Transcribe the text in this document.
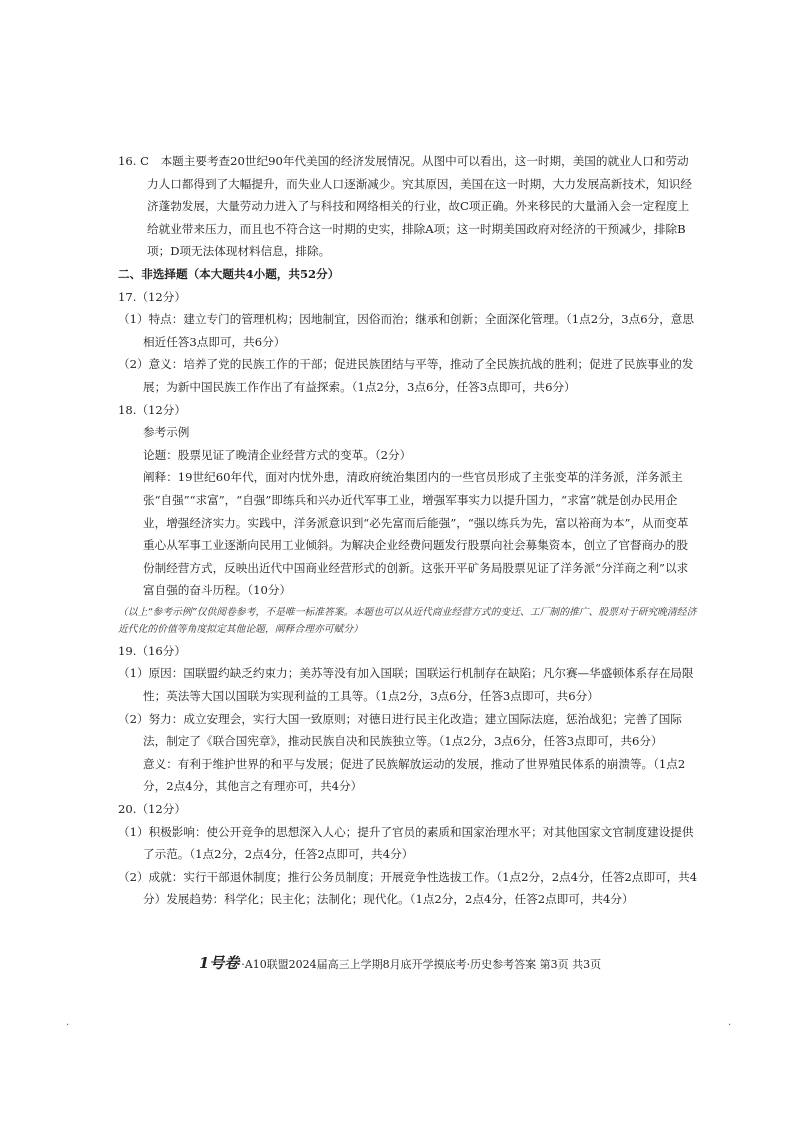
16. C　本题主要考查20世纪90年代美国的经济发展情况。从图中可以看出，这一时期，美国的就业人口和劳动力人口都得到了大幅提升，而失业人口逐渐减少。究其原因，美国在这一时期，大力发展高新技术，知识经济蓬勃发展，大量劳动力进入了与科技和网络相关的行业，故C项正确。外来移民的大量涌入会一定程度上给就业带来压力，而且也不符合这一时期的史实，排除A项；这一时期美国政府对经济的干预减少，排除B项；D项无法体现材料信息，排除。

二、非选择题（本大题共4小题，共52分）

17.（12分）

（1）特点：建立专门的管理机构；因地制宜，因俗而治；继承和创新；全面深化管理。（1点2分，3点6分，意思相近任答3点即可，共6分）

（2）意义：培养了党的民族工作的干部；促进民族团结与平等，推动了全民族抗战的胜利；促进了民族事业的发展；为新中国民族工作作出了有益探索。（1点2分，3点6分，任答3点即可，共6分）

18.（12分）

参考示例

论题：股票见证了晚清企业经营方式的变革。（2分）

阐释：19世纪60年代，面对内忧外患，清政府统治集团内的一些官员形成了主张变革的洋务派，洋务派主张“自强”“求富”，“自强”即练兵和兴办近代军事工业，增强军事实力以提升国力，“求富”就是创办民用企业，增强经济实力。实践中，洋务派意识到“必先富而后能强”，“强以练兵为先，富以裕商为本”，从而变革重心从军事工业逐渐向民用工业倾斜。为解决企业经费问题发行股票向社会募集资本，创立了官督商办的股份制经营方式，反映出近代中国商业经营形式的创新。这张开平矿务局股票见证了洋务派“分洋商之利”以求富自强的奋斗历程。（10分）

（以上“参考示例”仅供阅卷参考，不是唯一标准答案。本题也可以从近代商业经营方式的变迁、工厂制的推广、股票对于研究晚清经济近代化的价值等角度拟定其他论题，阐释合理亦可赋分）

19.（16分）

（1）原因：国联盟约缺乏约束力；美苏等没有加入国联；国联运行机制存在缺陷；凡尔赛—华盛顿体系存在局限性；英法等大国以国联为实现利益的工具等。（1点2分，3点6分，任答3点即可，共6分）

（2）努力：成立安理会，实行大国一致原则；对德日进行民主化改造；建立国际法庭，惩治战犯；完善了国际法，制定了《联合国宪章》，推动民族自决和民族独立等。（1点2分，3点6分，任答3点即可，共6分）

意义：有利于维护世界的和平与发展；促进了民族解放运动的发展，推动了世界殖民体系的崩溃等。（1点2分，2点4分，其他言之有理亦可，共4分）

20.（12分）

（1）积极影响：使公开竞争的思想深入人心；提升了官员的素质和国家治理水平；对其他国家文官制度建设提供了示范。（1点2分，2点4分，任答2点即可，共4分）

（2）成就：实行干部退休制度；推行公务员制度；开展竞争性选拔工作。（1点2分，2点4分，任答2点即可，共4分）发展趋势：科学化；民主化；法制化；现代化。（1点2分，2点4分，任答2点即可，共4分）

1号卷 ·A10联盟2024届高三上学期8月底开学摸底考·历史参考答案 第3页 共3页
·	·
